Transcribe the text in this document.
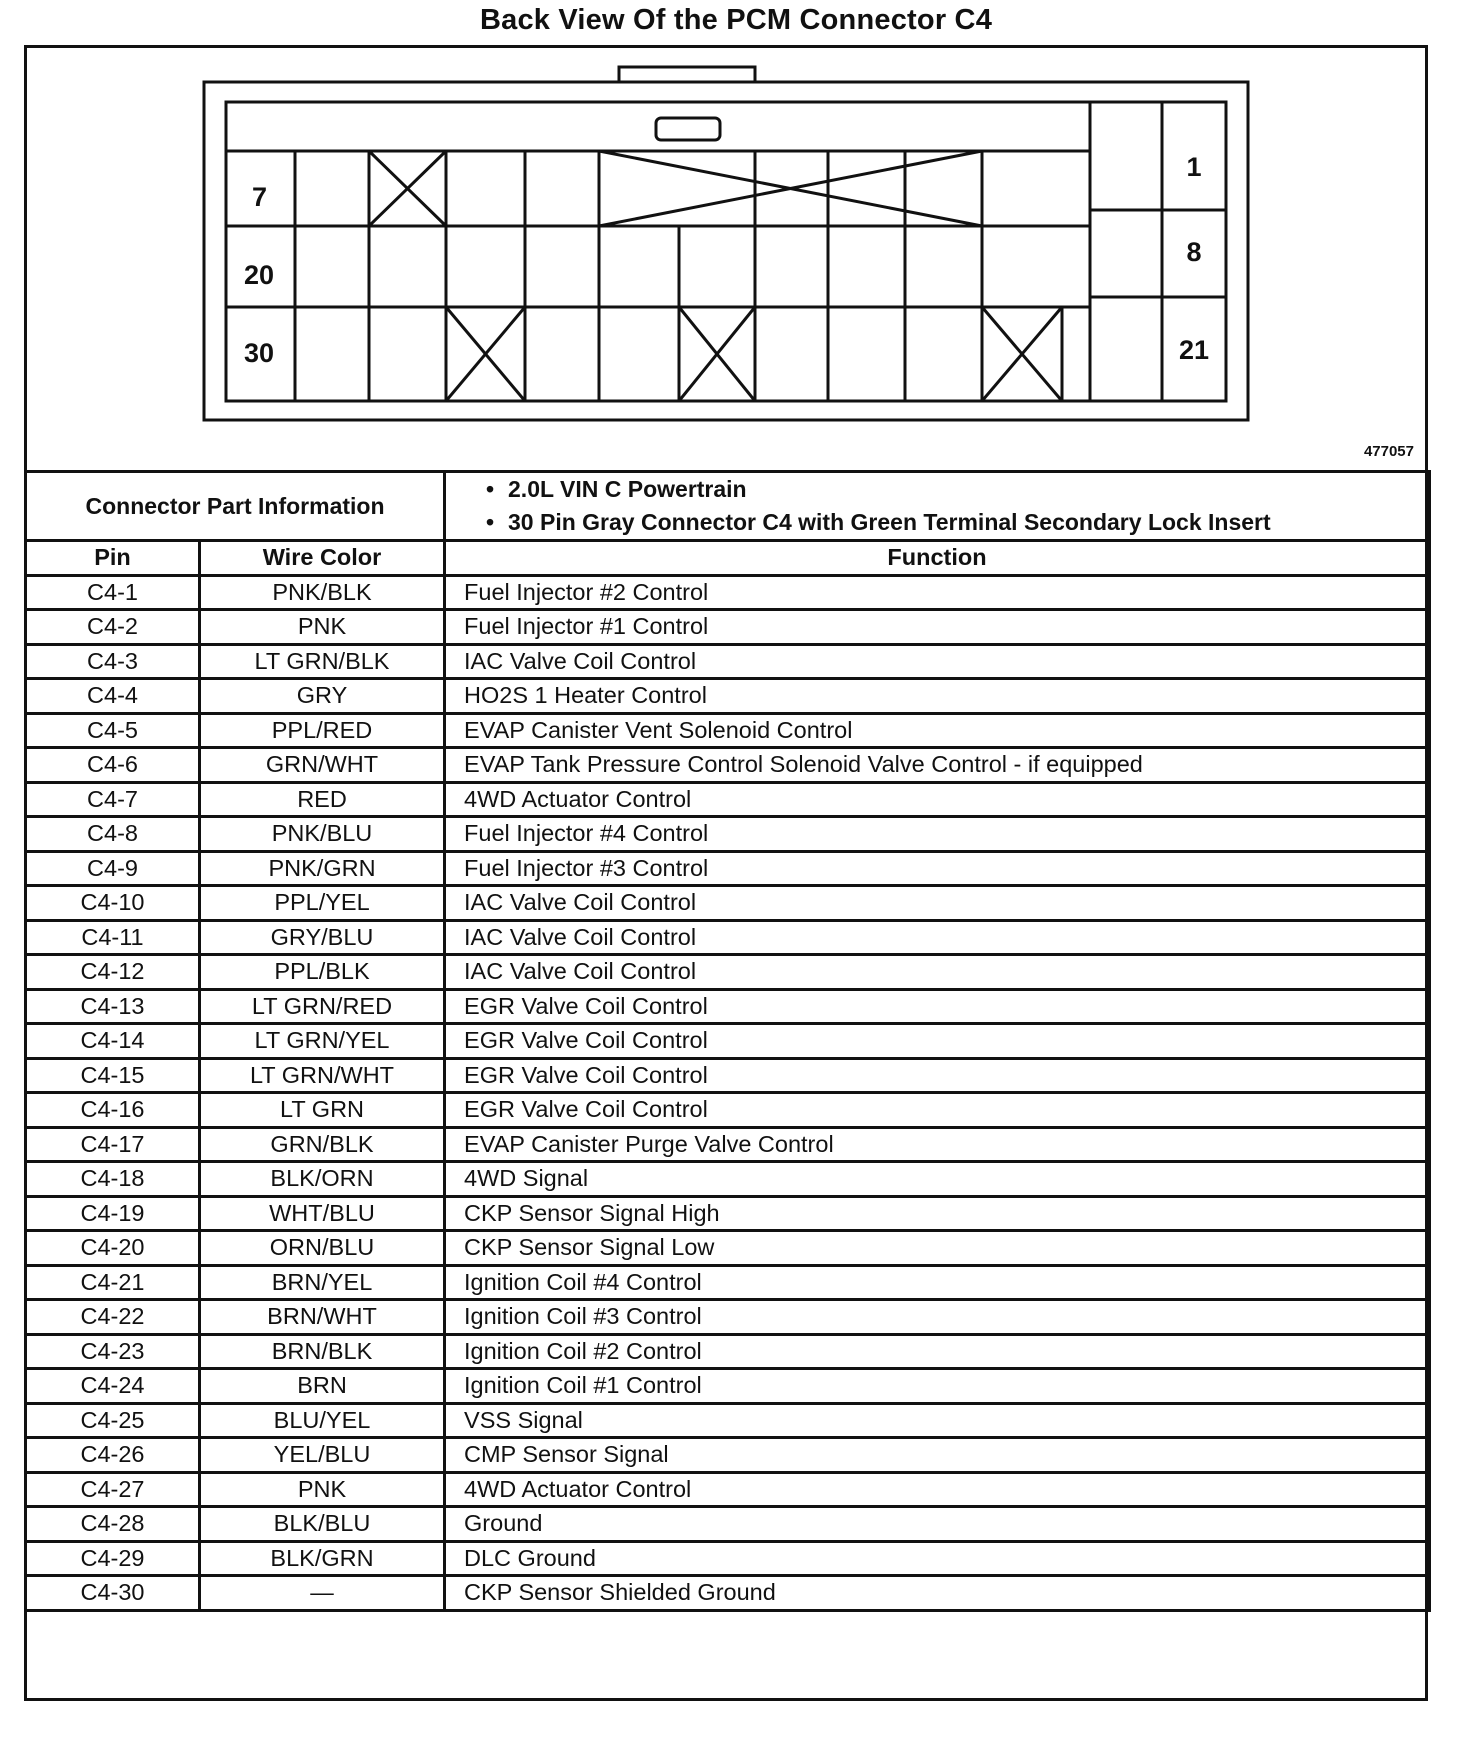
Back View Of the PCM Connector C4
7
20
30
1
8
21
477057
Connector Part Information		• 2.0L VIN C Powertrain
• 30 Pin Gray Connector C4 with Green Terminal Secondary Lock Insert

Pin	Wire Color	Function
C4-1	PNK/BLK	Fuel Injector #2 Control
C4-2	PNK	Fuel Injector #1 Control
C4-3	LT GRN/BLK	IAC Valve Coil Control
C4-4	GRY	HO2S 1 Heater Control
C4-5	PPL/RED	EVAP Canister Vent Solenoid Control
C4-6	GRN/WHT	EVAP Tank Pressure Control Solenoid Valve Control - if equipped
C4-7	RED	4WD Actuator Control
C4-8	PNK/BLU	Fuel Injector #4 Control
C4-9	PNK/GRN	Fuel Injector #3 Control
C4-10	PPL/YEL	IAC Valve Coil Control
C4-11	GRY/BLU	IAC Valve Coil Control
C4-12	PPL/BLK	IAC Valve Coil Control
C4-13	LT GRN/RED	EGR Valve Coil Control
C4-14	LT GRN/YEL	EGR Valve Coil Control
C4-15	LT GRN/WHT	EGR Valve Coil Control
C4-16	LT GRN	EGR Valve Coil Control
C4-17	GRN/BLK	EVAP Canister Purge Valve Control
C4-18	BLK/ORN	4WD Signal
C4-19	WHT/BLU	CKP Sensor Signal High
C4-20	ORN/BLU	CKP Sensor Signal Low
C4-21	BRN/YEL	Ignition Coil #4 Control
C4-22	BRN/WHT	Ignition Coil #3 Control
C4-23	BRN/BLK	Ignition Coil #2 Control
C4-24	BRN	Ignition Coil #1 Control
C4-25	BLU/YEL	VSS Signal
C4-26	YEL/BLU	CMP Sensor Signal
C4-27	PNK	4WD Actuator Control
C4-28	BLK/BLU	Ground
C4-29	BLK/GRN	DLC Ground
C4-30	—	CKP Sensor Shielded Ground
